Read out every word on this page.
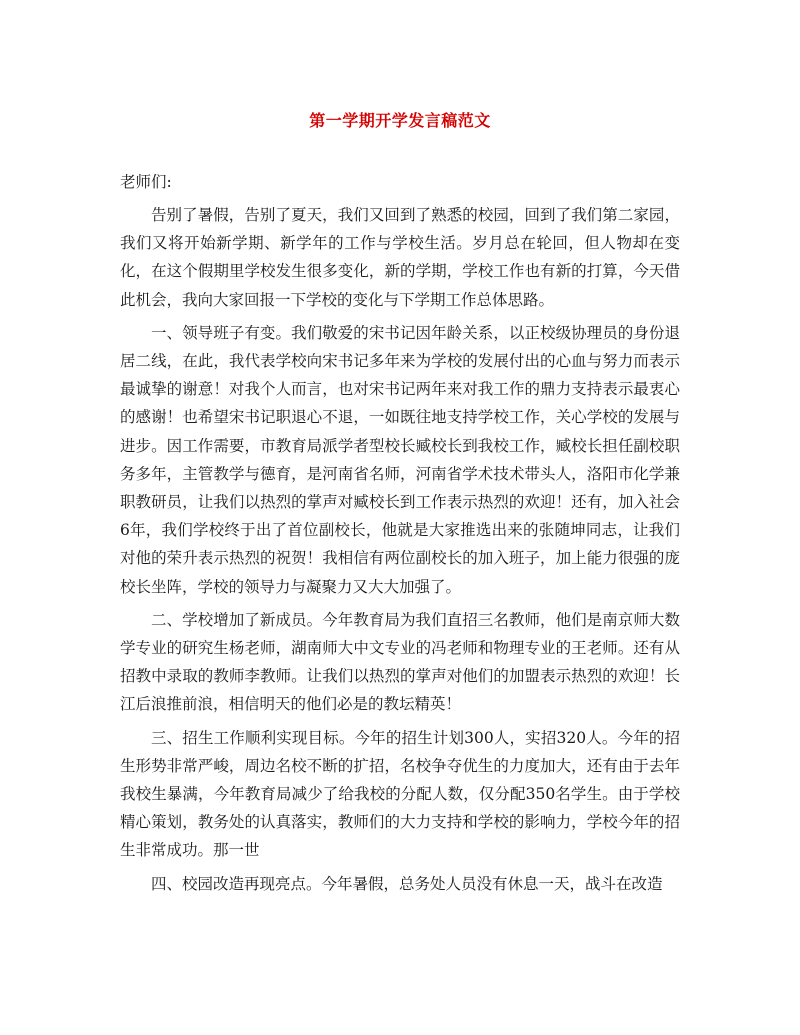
第一学期开学发言稿范文

老师们:

告别了暑假，告别了夏天，我们又回到了熟悉的校园，回到了我们第二家园，我们又将开始新学期、新学年的工作与学校生活。岁月总在轮回，但人物却在变化，在这个假期里学校发生很多变化，新的学期，学校工作也有新的打算，今天借此机会，我向大家回报一下学校的变化与下学期工作总体思路。

一、领导班子有变。我们敬爱的宋书记因年龄关系，以正校级协理员的身份退居二线，在此，我代表学校向宋书记多年来为学校的发展付出的心血与努力而表示最诚挚的谢意！对我个人而言，也对宋书记两年来对我工作的鼎力支持表示最衷心的感谢！也希望宋书记职退心不退，一如既往地支持学校工作，关心学校的发展与进步。因工作需要，市教育局派学者型校长臧校长到我校工作，臧校长担任副校职务多年，主管教学与德育，是河南省名师，河南省学术技术带头人，洛阳市化学兼职教研员，让我们以热烈的掌声对臧校长到工作表示热烈的欢迎！还有，加入社会6年，我们学校终于出了首位副校长，他就是大家推选出来的张随坤同志，让我们对他的荣升表示热烈的祝贺！我相信有两位副校长的加入班子，加上能力很强的庞校长坐阵，学校的领导力与凝聚力又大大加强了。

二、学校增加了新成员。今年教育局为我们直招三名教师，他们是南京师大数学专业的研究生杨老师，湖南师大中文专业的冯老师和物理专业的王老师。还有从招教中录取的教师李教师。让我们以热烈的掌声对他们的加盟表示热烈的欢迎！长江后浪推前浪，相信明天的他们必是的教坛精英！

三、招生工作顺利实现目标。今年的招生计划300人，实招320人。今年的招生形势非常严峻，周边名校不断的扩招，名校争夺优生的力度加大，还有由于去年我校生暴满，今年教育局减少了给我校的分配人数，仅分配350名学生。由于学校精心策划，教务处的认真落实，教师们的大力支持和学校的影响力，学校今年的招生非常成功。那一世

四、校园改造再现亮点。今年暑假，总务处人员没有休息一天，战斗在改造
